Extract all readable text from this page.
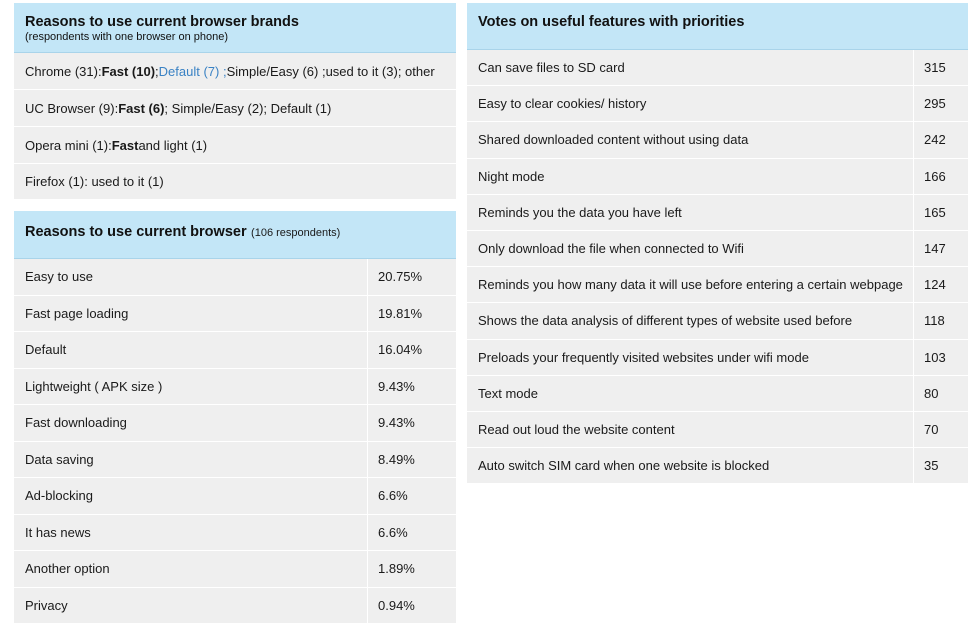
Reasons to use current browser brands
(respondents with one browser on phone)
Chrome (31): Fast (10) ; Default (7) ; Simple/Easy (6) ;used to it (3); other
UC Browser (9): Fast (6) ; Simple/Easy (2); Default (1)
Opera mini (1): Fast and light (1)
Firefox (1): used to it (1)
Reasons to use current browser (106 respondents)
Easy to use	20.75%
Fast page loading	19.81%
Default	16.04%
Lightweight ( APK size )	9.43%
Fast downloading	9.43%
Data saving	8.49%
Ad-blocking	6.6%
It has news	6.6%
Another option	1.89%
Privacy	0.94%
Votes on useful features with priorities
Can save files to SD card	315
Easy to clear cookies/ history	295
Shared downloaded content without using data	242
Night mode	166
Reminds you the data you have left	165
Only download the file when connected to Wifi	147
Reminds you how many data it will use before entering a certain webpage	124
Shows the data analysis of different types of website used before	118
Preloads your frequently visited websites under wifi mode	103
Text mode	80
Read out loud the website content	70
Auto switch SIM card when one website is blocked	35
